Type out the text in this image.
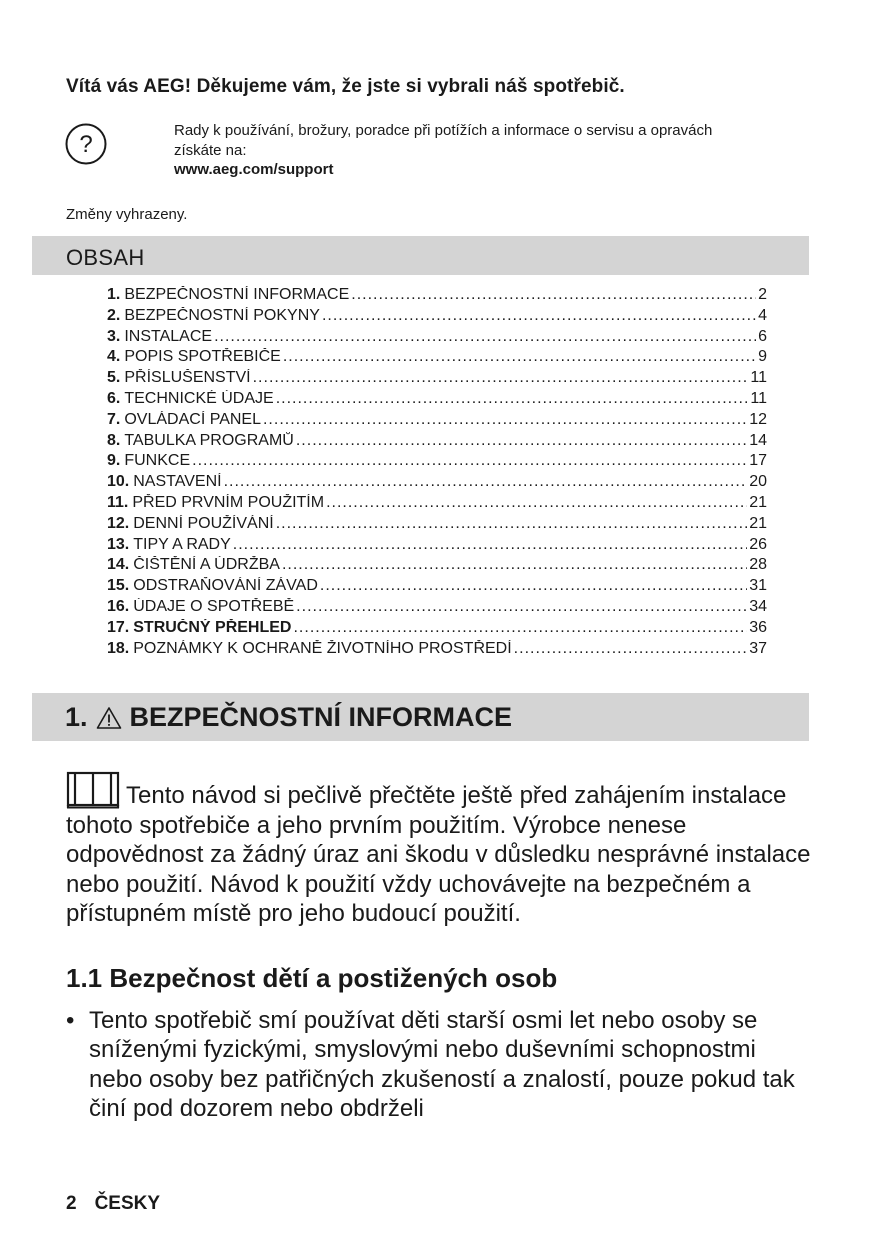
Vítá vás AEG! Děkujeme vám, že jste si vybrali náš spotřebič.
?
Rady k používání, brožury, poradce při potížích a informace o servisu a opravách
získáte na:
www.aeg.com/support
Změny vyhrazeny.
OBSAH
1. BEZPEČNOSTNÍ INFORMACE .....	2
2. BEZPEČNOSTNÍ POKYNY .....	4
3. INSTALACE .....	6
4. POPIS SPOTŘEBIČE .....	9
5. PŘÍSLUŠENSTVÍ .....	11
6. TECHNICKÉ ÚDAJE .....	11
7. OVLÁDACÍ PANEL .....	12
8. TABULKA PROGRAMŮ .....	14
9. FUNKCE .....	17
10. NASTAVENÍ .....	20
11. PŘED PRVNÍM POUŽITÍM .....	21
12. DENNÍ POUŽÍVÁNÍ .....	21
13. TIPY A RADY .....	26
14. ČIŠTĚNÍ A ÚDRŽBA .....	28
15. ODSTRAŇOVÁNÍ ZÁVAD .....	31
16. ÚDAJE O SPOTŘEBĚ .....	34
17. STRUČNÝ PŘEHLED .....	36
18. POZNÁMKY K OCHRANĚ ŽIVOTNÍHO PROSTŘEDÍ .....	37
1. BEZPEČNOSTNÍ INFORMACE
Tento návod si pečlivě přečtěte ještě před zahájením instalace tohoto spotřebiče a jeho prvním použitím. Výrobce nenese odpovědnost za žádný úraz ani škodu v důsledku nesprávné instalace nebo použití. Návod k použití vždy uchovávejte na bezpečném a přístupném místě pro jeho budoucí použití.
1.1 Bezpečnost dětí a postižených osob
• Tento spotřebič smí používat děti starší osmi let nebo osoby se sníženými fyzickými, smyslovými nebo duševními schopnostmi nebo osoby bez patřičných zkušeností a znalostí, pouze pokud tak činí pod dozorem nebo obdrželi
2 ČESKY
